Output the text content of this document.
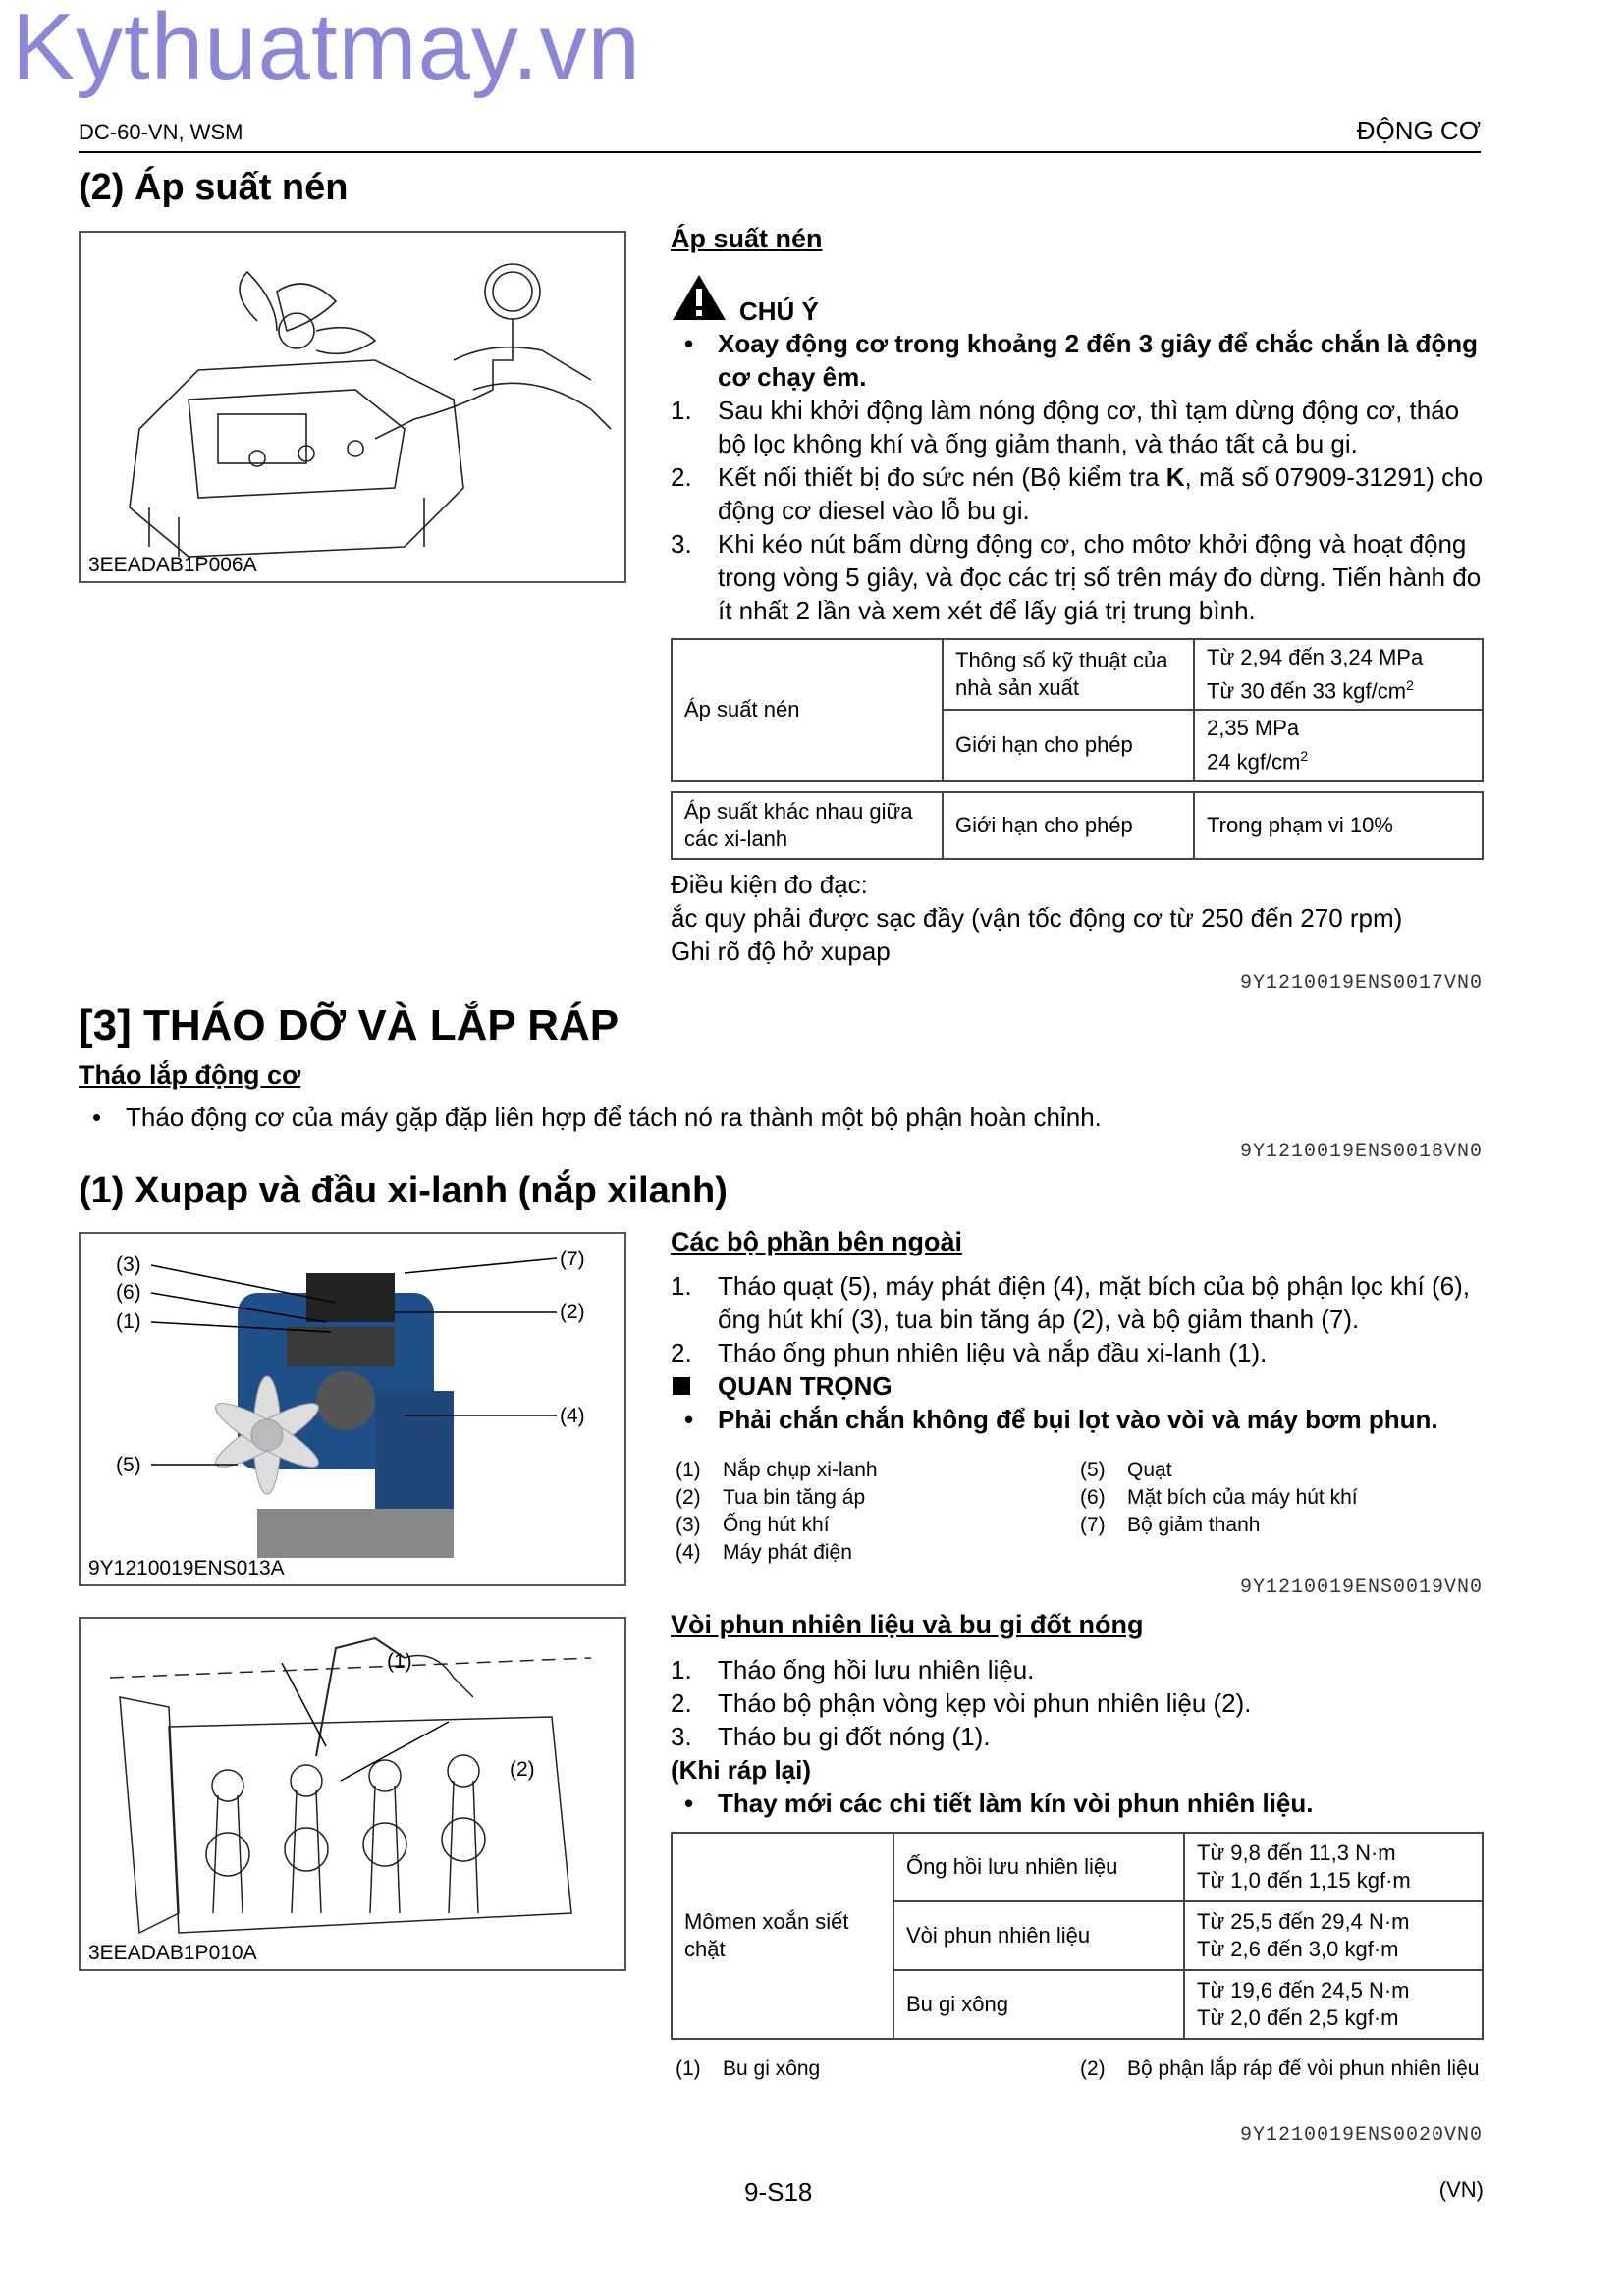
Kythuatmay.vn
DC-60-VN, WSM	ĐỘNG CƠ
(2) Áp suất nén
3EEADAB1P006A
Áp suất nén
CHÚ Ý
• Xoay động cơ trong khoảng 2 đến 3 giây để chắc chắn là động cơ chạy êm.
1. Sau khi khởi động làm nóng động cơ, thì tạm dừng động cơ, tháo bộ lọc không khí và ống giảm thanh, và tháo tất cả bu gi.
2. Kết nối thiết bị đo sức nén (Bộ kiểm tra K, mã số 07909-31291) cho động cơ diesel vào lỗ bu gi.
3. Khi kéo nút bấm dừng động cơ, cho môtơ khởi động và hoạt động trong vòng 5 giây, và đọc các trị số trên máy đo dừng. Tiến hành đo ít nhất 2 lần và xem xét để lấy giá trị trung bình.
Áp suất nén	Thông số kỹ thuật của nhà sản xuất	Từ 2,94 đến 3,24 MPa
Từ 30 đến 33 kgf/$cm^2$
	Giới hạn cho phép	2,35 MPa
24 kgf/$cm^2$
Áp suất khác nhau giữa các xi-lanh	Giới hạn cho phép	Trong phạm vi 10%
Điều kiện đo đạc:
ắc quy phải được sạc đầy (vận tốc động cơ từ 250 đến 270 rpm)
Ghi rõ độ hở xupap
9Y1210019ENS0017VN0
[3] THÁO DỠ VÀ LẮP RÁP
Tháo lắp động cơ
• Tháo động cơ của máy gặp đặp liên hợp để tách nó ra thành một bộ phận hoàn chỉnh.
9Y1210019ENS0018VN0
(1) Xupap và đầu xi-lanh (nắp xilanh)
(3)
(6)
(1)
(7)
(2)
(4)
(5)
9Y1210019ENS013A
Các bộ phần bên ngoài
1. Tháo quạt (5), máy phát điện (4), mặt bích của bộ phận lọc khí (6), ống hút khí (3), tua bin tăng áp (2), và bộ giảm thanh (7).
2. Tháo ống phun nhiên liệu và nắp đầu xi-lanh (1).
QUAN TRỌNG
• Phải chắn chắn không để bụi lọt vào vòi và máy bơm phun.
(1) Nắp chụp xi-lanh
(2) Tua bin tăng áp
(3) Ống hút khí
(4) Máy phát điện
(5) Quạt
(6) Mặt bích của máy hút khí
(7) Bộ giảm thanh
9Y1210019ENS0019VN0
(1)
(2)
3EEADAB1P010A
Vòi phun nhiên liệu và bu gi đốt nóng
1. Tháo ống hồi lưu nhiên liệu.
2. Tháo bộ phận vòng kẹp vòi phun nhiên liệu (2).
3. Tháo bu gi đốt nóng (1).
(Khi ráp lại)
• Thay mới các chi tiết làm kín vòi phun nhiên liệu.
Mômen xoắn siết chặt	Ống hồi lưu nhiên liệu	Từ 9,8 đến 11,3 N·m
Từ 1,0 đến 1,15 kgf·m
	Vòi phun nhiên liệu	Từ 25,5 đến 29,4 N·m
Từ 2,6 đến 3,0 kgf·m
	Bu gi xông	Từ 19,6 đến 24,5 N·m
Từ 2,0 đến 2,5 kgf·m
(1) Bu gi xông	(2)	Bộ phận lắp ráp đế vòi phun nhiên liệu
9Y1210019ENS0020VN0
9-S18	(VN)
